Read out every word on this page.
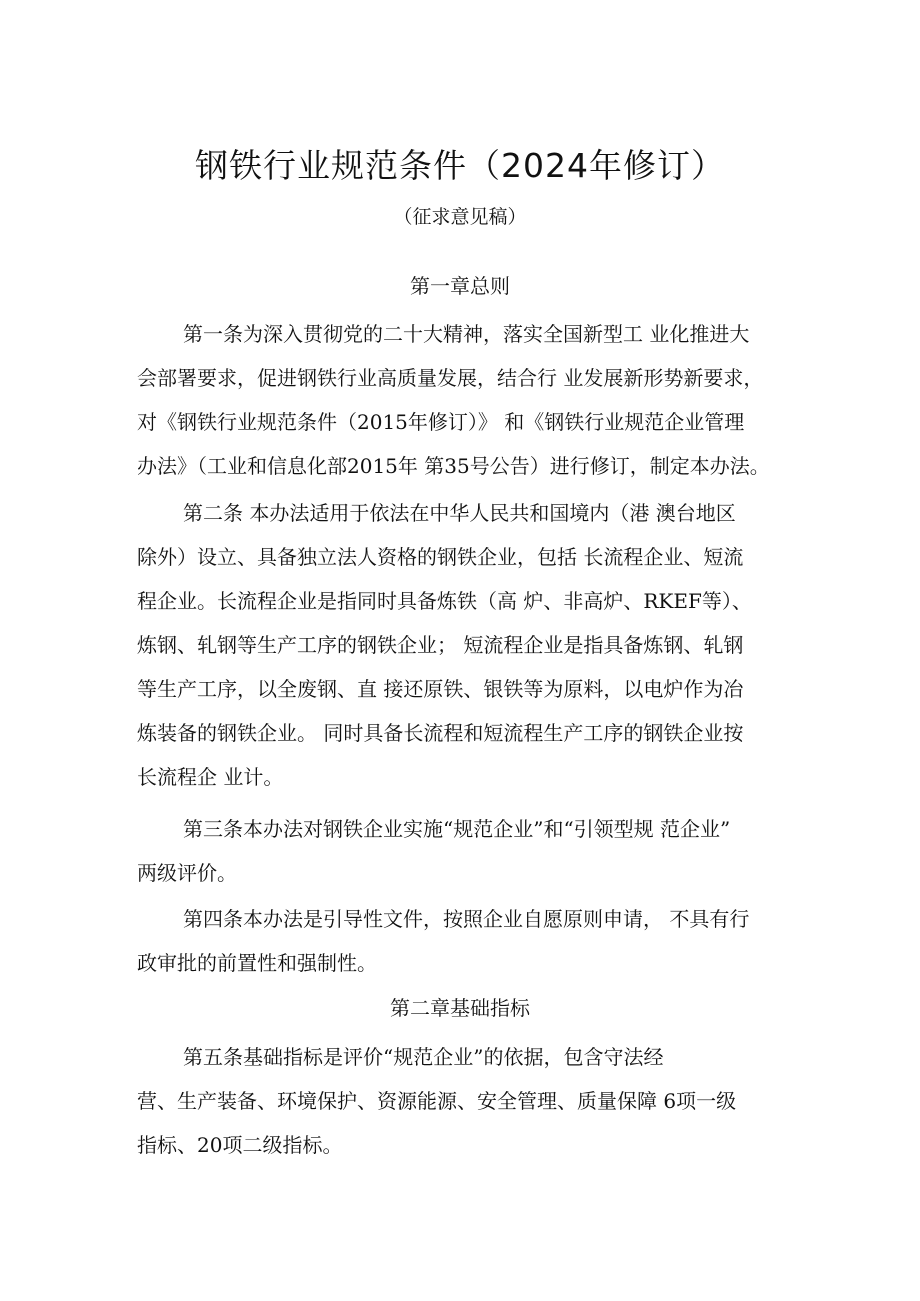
钢铁行业规范条件（2024年修订）
（征求意见稿）
第一章总则
第一条为深入贯彻党的二十大精神，落实全国新型工 业化推进大
会部署要求，促进钢铁行业高质量发展，结合行 业发展新形势新要求，
对《钢铁行业规范条件（2015年修订）》 和《钢铁行业规范企业管理
办法》（工业和信息化部2015年 第35号公告）进行修订，制定本办法。
第二条 本办法适用于依法在中华人民共和国境内（港 澳台地区
除外）设立、具备独立法人资格的钢铁企业，包括 长流程企业、短流
程企业。长流程企业是指同时具备炼铁（高 炉、非高炉、RKEF等）、
炼钢、轧钢等生产工序的钢铁企业； 短流程企业是指具备炼钢、轧钢
等生产工序，以全废钢、直 接还原铁、银铁等为原料，以电炉作为冶
炼装备的钢铁企业。 同时具备长流程和短流程生产工序的钢铁企业按
长流程企 业计。
第三条本办法对钢铁企业实施“规范企业”和“引领型规 范企业”
两级评价。
第四条本办法是引导性文件，按照企业自愿原则申请， 不具有行
政审批的前置性和强制性。
第二章基础指标
第五条基础指标是评价“规范企业”的依据，包含守法经
营、生产装备、环境保护、资源能源、安全管理、质量保障 6项一级
指标、20项二级指标。
